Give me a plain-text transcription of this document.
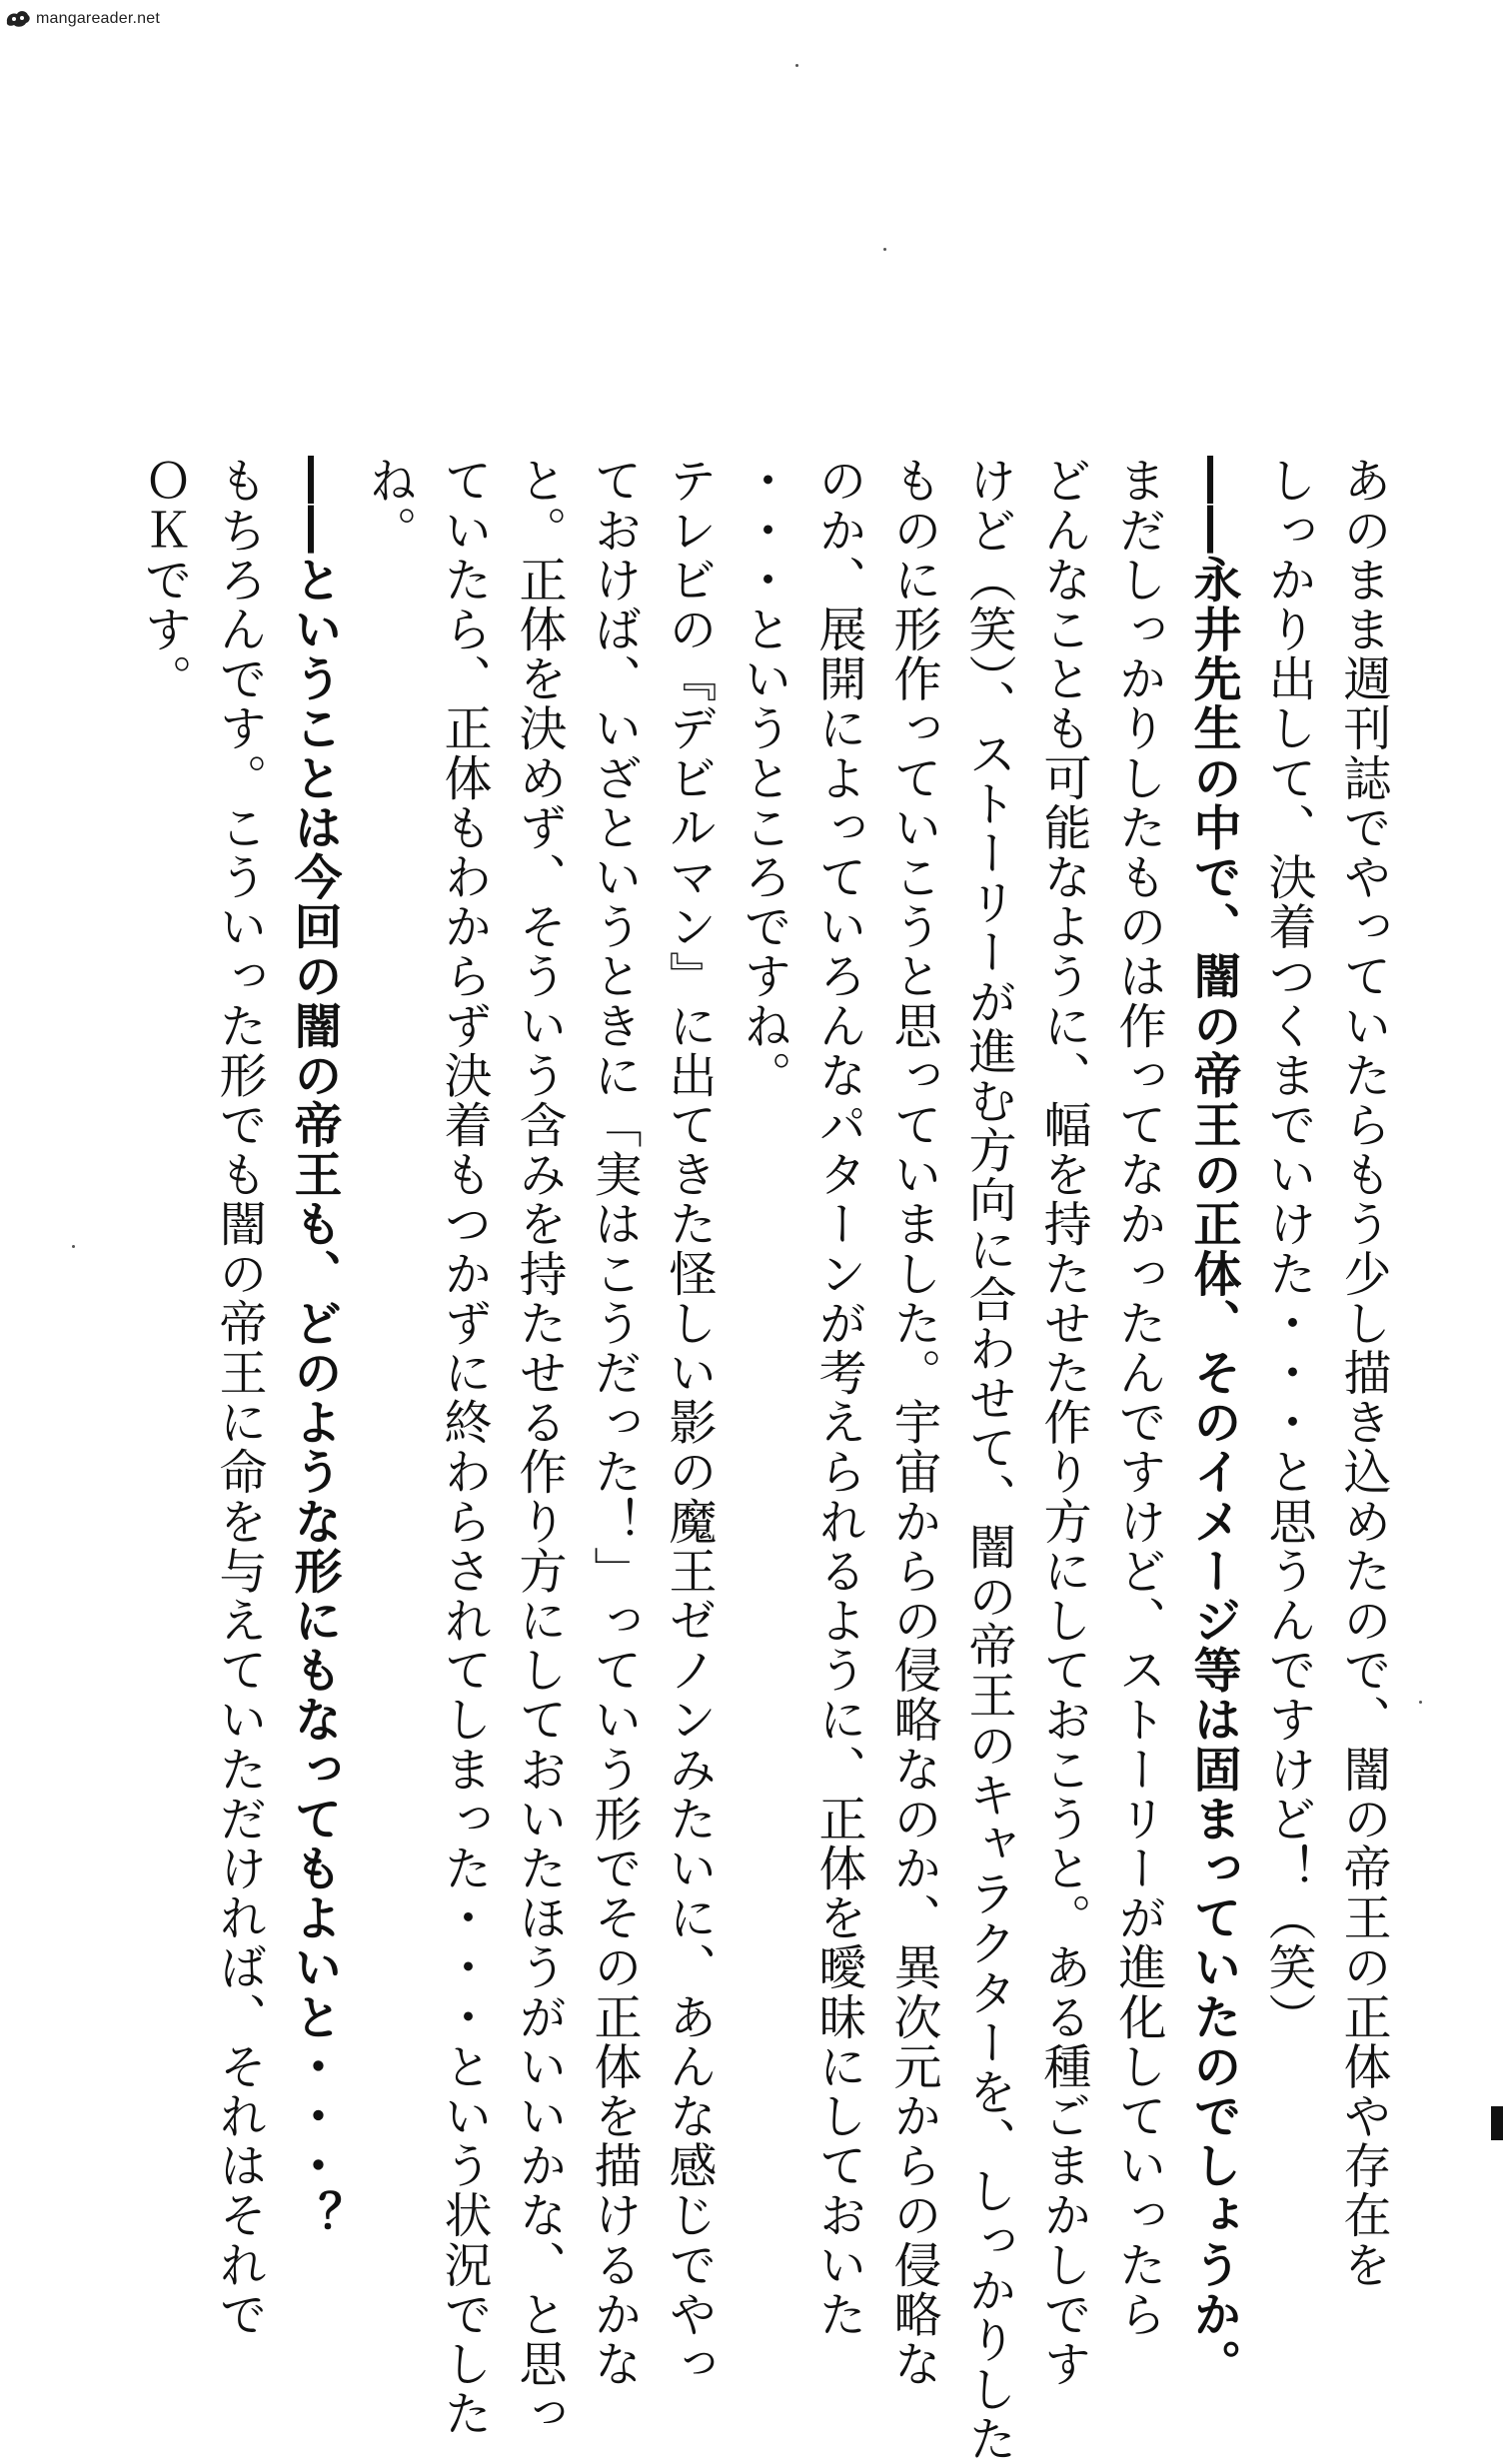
mangareader.net
あのまま週刊誌でやっていたらもう少し描き込めたので、闇の帝王の正体や存在を
しっかり出して、決着つくまでいけた・・・と思うんですけど！（笑）
――永井先生の中で、闇の帝王の正体、そのイメージ等は固まっていたのでしょうか。
まだしっかりしたものは作ってなかったんですけど、ストーリーが進化していったら
どんなことも可能なように、幅を持たせた作り方にしておこうと。ある種ごまかしです
けど（笑）、ストーリーが進む方向に合わせて、闇の帝王のキャラクターを、しっかりした
ものに形作っていこうと思っていました。宇宙からの侵略なのか、異次元からの侵略な
のか、展開によっていろんなパターンが考えられるように、正体を曖昧にしておいた
・・・というところですね。
テレビの『デビルマン』に出てきた怪しい影の魔王ゼノンみたいに、あんな感じでやっ
ておけば、いざというときに「実はこうだった！」っていう形でその正体を描けるかな
と。正体を決めず、そういう含みを持たせる作り方にしておいたほうがいいかな、と思っ
ていたら、正体もわからず決着もつかずに終わらされてしまった・・・という状況でした
ね。
――ということは今回の闇の帝王も、どのような形にもなってもよいと・・・？
もちろんです。こういった形でも闇の帝王に命を与えていただければ、それはそれで
ＯＫです。
